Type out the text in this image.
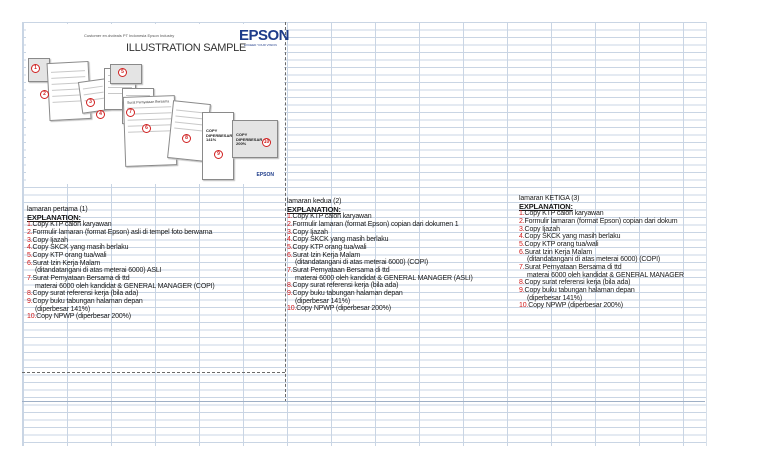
Customer en.dvdeals PT Indonesia Epson Industry	EPSON
EXCEED YOUR VISION
ILLUSTRATION SAMPLE
Surat Pernyataan Bersama
COPY
DIPERBESAR
141%
COPY
DIPERBESAR
200%
EPSON
1
2
3
4
5
6
7
8
9
10
lamaran pertama (1)
EXPLANATION:
1.Copy KTP calon karyawan
2.Formulir lamaran (format Epson) asli di tempel foto berwarna
3.Copy Ijazah
4.Copy SKCK yang masih berlaku
5.Copy KTP orang tua/wali
6.Surat Izin Kerja Malam
(ditandatangani di atas meterai 6000) ASLI
7.Surat Pernyataan Bersama di ttd
materai 6000 oleh kandidat & GENERAL MANAGER (COPI)
8.Copy surat referensi kerja (bila ada)
9.Copy buku tabungan halaman depan
(diperbesar 141%)
10.Copy NPWP (diperbesar 200%)
lamaran kedua (2)
EXPLANATION:
1.Copy KTP calon karyawan
2.Formulir lamaran (format Epson) copian dari dokumen 1
3.Copy Ijazah
4.Copy SKCK yang masih berlaku
5.Copy KTP orang tua/wali
6.Surat Izin Kerja Malam
(ditandatangani di atas meterai 6000) (COPI)
7.Surat Pernyataan Bersama di ttd
materai 6000 oleh kandidat & GENERAL MANAGER (ASLI)
8.Copy surat referensi kerja (bila ada)
9.Copy buku tabungan halaman depan
(diperbesar 141%)
10.Copy NPWP (diperbesar 200%)
lamaran KETIGA (3)
EXPLANATION:
1.Copy KTP calon karyawan
2.Formulir lamaran (format Epson) copian dari dokum
3.Copy Ijazah
4.Copy SKCK yang masih berlaku
5.Copy KTP orang tua/wali
6.Surat Izin Kerja Malam
(ditandatangani di atas meterai 6000) (COPI)
7.Surat Pernyataan Bersama di ttd
materai 6000 oleh kandidat & GENERAL MANAGER
8.Copy surat referensi kerja (bila ada)
9.Copy buku tabungan halaman depan
(diperbesar 141%)
10.Copy NPWP (diperbesar 200%)
